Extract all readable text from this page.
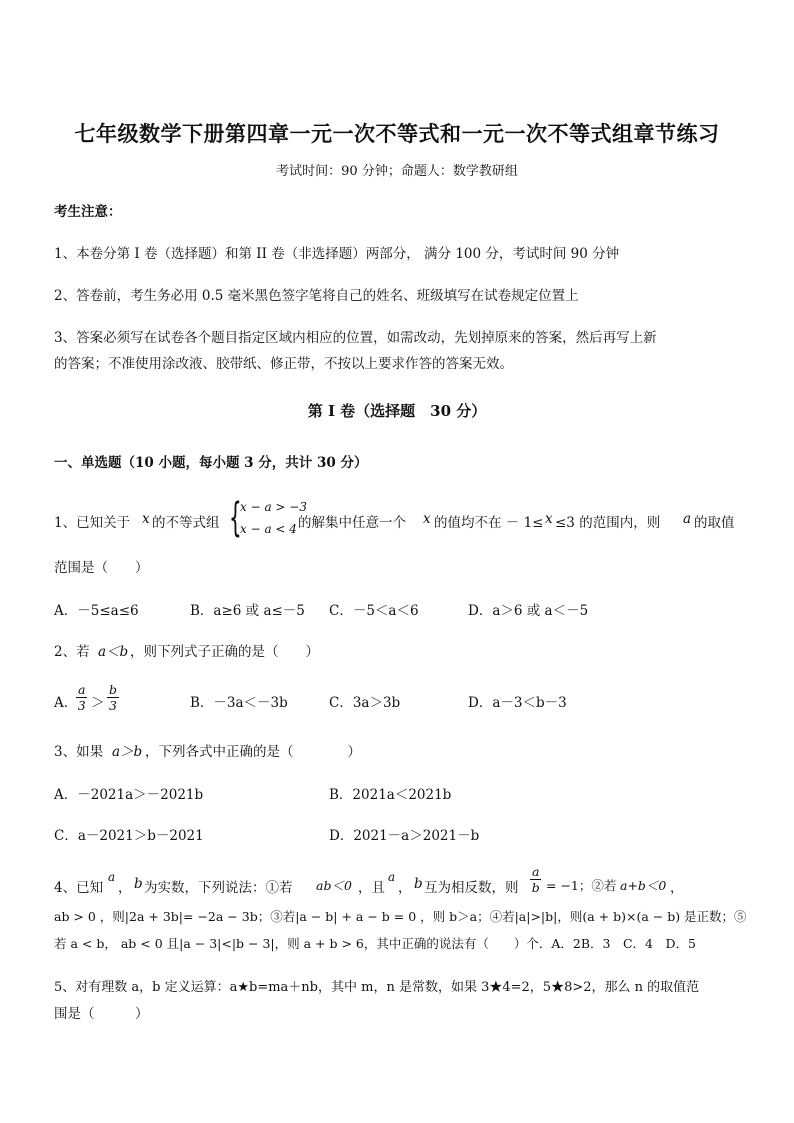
七年级数学下册第四章一元一次不等式和一元一次不等式组章节练习
考试时间：90 分钟；命题人：数学教研组
考生注意：
1、本卷分第 I 卷（选择题）和第 II 卷（非选择题）两部分， 满分 100 分，考试时间 90 分钟
2、答卷前，考生务必用 0.5 毫米黑色签字笔将自己的姓名、班级填写在试卷规定位置上
3、答案必须写在试卷各个题目指定区域内相应的位置，如需改动，先划掉原来的答案，然后再写上新
的答案；不准使用涂改液、胶带纸、修正带，不按以上要求作答的答案无效。
第 I 卷（选择题　30 分）
一、单选题（10 小题，每小题 3 分，共计 30 分）
1、已知关于 x 的不等式组 {
x − a > −3
x − a < 4 的解集中任意一个 x 的值均不在 － 1≤ x ≤3 的范围内，则 a 的取值
范围是（　　）
A．－5≤a≤6	B．a≥6 或 a≤－5 C．－5＜a＜6	D．a＞6 或 a＜－5
2、若 a＜b ，则下列式子正确的是（　　）
A．
$\frac{a}{3} > \frac{b}{3}$	B．－3a＜－3b	C．3a＞3b	D．a－3＜b－3
3、如果 a＞b ，下列各式中正确的是（　　　　）
A．－2021a＞－2021b	B．2021a＜2021b
C．a－2021＞b－2021	D．2021－a＞2021－b
4、已知
a
， b 为实数，下列说法：①若 ab＜0 ，且
a
， b 互为相反数，则 $\frac{a}{b} = -1$；②若 a+b＜0 ，
ab > 0 ，则|2a + 3b|= −2a − 3b；③若|a − b| + a − b = 0 ，则 b＞a；④若|a|>|b|，则(a + b)×(a − b) 是正数；⑤
若 a < b， ab < 0 且|a − 3|<|b − 3|，则 a + b > 6，其中正确的说法有（　　）个．A．2B．3　C．4　D．5
5、对有理数 a，b 定义运算：a★b=ma＋nb，其中 m，n 是常数，如果 3★4=2，5★8>2，那么 n 的取值范
围是（　　　）
